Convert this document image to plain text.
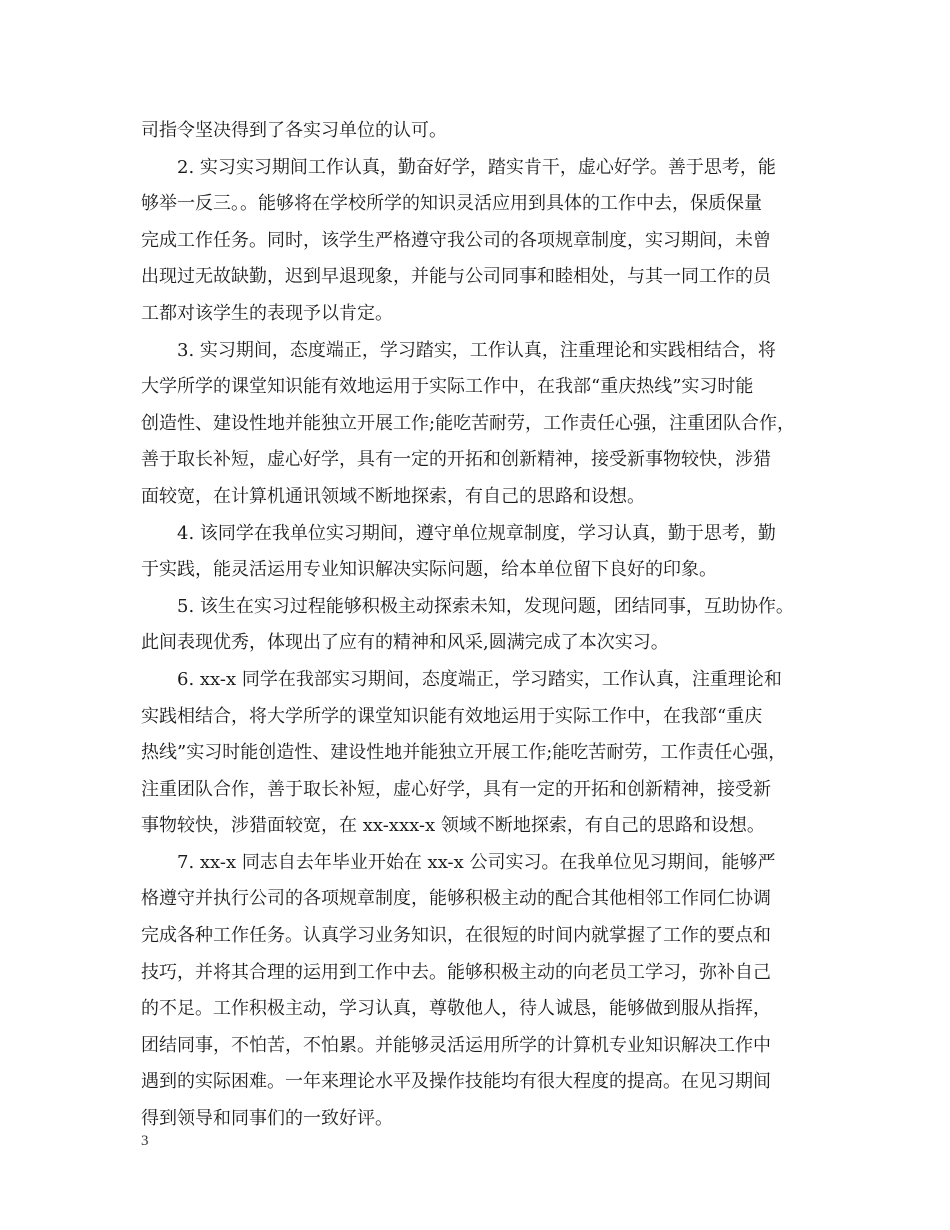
司指令坚决得到了各实习单位的认可。
2. 实习实习期间工作认真，勤奋好学，踏实肯干，虚心好学。善于思考，能
够举一反三。。能够将在学校所学的知识灵活应用到具体的工作中去，保质保量
完成工作任务。同时，该学生严格遵守我公司的各项规章制度，实习期间，未曾
出现过无故缺勤，迟到早退现象，并能与公司同事和睦相处，与其一同工作的员
工都对该学生的表现予以肯定。
3. 实习期间，态度端正，学习踏实，工作认真，注重理论和实践相结合，将
大学所学的课堂知识能有效地运用于实际工作中，在我部“重庆热线”实习时能
创造性、建设性地并能独立开展工作;能吃苦耐劳，工作责任心强，注重团队合作，
善于取长补短，虚心好学，具有一定的开拓和创新精神，接受新事物较快，涉猎
面较宽，在计算机通讯领域不断地探索，有自己的思路和设想。
4. 该同学在我单位实习期间，遵守单位规章制度，学习认真，勤于思考，勤
于实践，能灵活运用专业知识解决实际问题，给本单位留下良好的印象。
5. 该生在实习过程能够积极主动探索未知，发现问题，团结同事，互助协作。
此间表现优秀，体现出了应有的精神和风采,圆满完成了本次实习。
6. xx-x 同学在我部实习期间，态度端正，学习踏实，工作认真，注重理论和
实践相结合，将大学所学的课堂知识能有效地运用于实际工作中，在我部“重庆
热线”实习时能创造性、建设性地并能独立开展工作;能吃苦耐劳，工作责任心强，
注重团队合作，善于取长补短，虚心好学，具有一定的开拓和创新精神，接受新
事物较快，涉猎面较宽，在 xx-xxx-x 领域不断地探索，有自己的思路和设想。
7. xx-x 同志自去年毕业开始在 xx-x 公司实习。在我单位见习期间，能够严
格遵守并执行公司的各项规章制度，能够积极主动的配合其他相邻工作同仁协调
完成各种工作任务。认真学习业务知识，在很短的时间内就掌握了工作的要点和
技巧，并将其合理的运用到工作中去。能够积极主动的向老员工学习，弥补自己
的不足。工作积极主动，学习认真，尊敬他人，待人诚恳，能够做到服从指挥，
团结同事，不怕苦，不怕累。并能够灵活运用所学的计算机专业知识解决工作中
遇到的实际困难。一年来理论水平及操作技能均有很大程度的提高。在见习期间
得到领导和同事们的一致好评。
3
